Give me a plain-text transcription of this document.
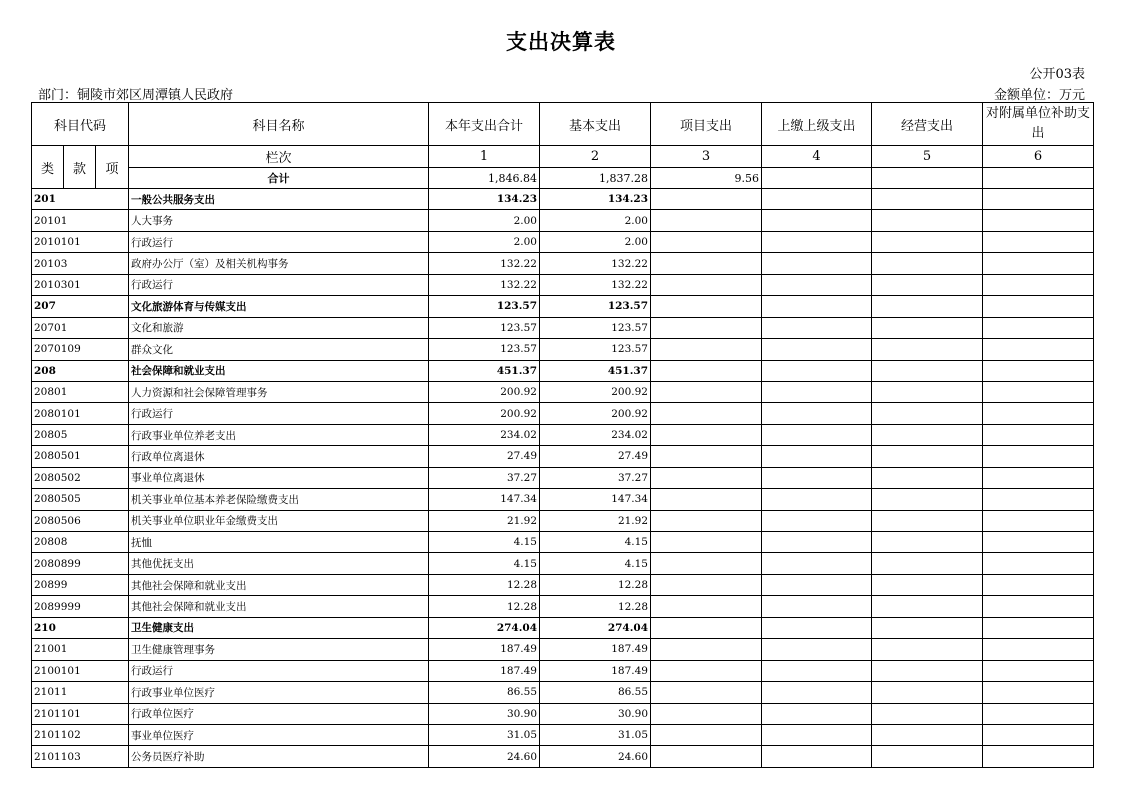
支出决算表
公开03表
部门：铜陵市郊区周潭镇人民政府	金额单位：万元
科目代码			科目名称	本年支出合计	基本支出	项目支出	上缴上级支出	经营支出	对附属单位补助支出
类	款	项	栏次	1	2	3	4	5	6
			合计	1,846.84	1,837.28	9.56			
201			一般公共服务支出	134.23	134.23				
20101			人大事务	2.00	2.00				
2010101			行政运行	2.00	2.00				
20103			政府办公厅（室）及相关机构事务	132.22	132.22				
2010301			行政运行	132.22	132.22				
207			文化旅游体育与传媒支出	123.57	123.57				
20701			文化和旅游	123.57	123.57				
2070109			群众文化	123.57	123.57				
208			社会保障和就业支出	451.37	451.37				
20801			人力资源和社会保障管理事务	200.92	200.92				
2080101			行政运行	200.92	200.92				
20805			行政事业单位养老支出	234.02	234.02				
2080501			行政单位离退休	27.49	27.49				
2080502			事业单位离退休	37.27	37.27				
2080505			机关事业单位基本养老保险缴费支出	147.34	147.34				
2080506			机关事业单位职业年金缴费支出	21.92	21.92				
20808			抚恤	4.15	4.15				
2080899			其他优抚支出	4.15	4.15				
20899			其他社会保障和就业支出	12.28	12.28				
2089999			其他社会保障和就业支出	12.28	12.28				
210			卫生健康支出	274.04	274.04				
21001			卫生健康管理事务	187.49	187.49				
2100101			行政运行	187.49	187.49				
21011			行政事业单位医疗	86.55	86.55				
2101101			行政单位医疗	30.90	30.90				
2101102			事业单位医疗	31.05	31.05				
2101103			公务员医疗补助	24.60	24.60				
